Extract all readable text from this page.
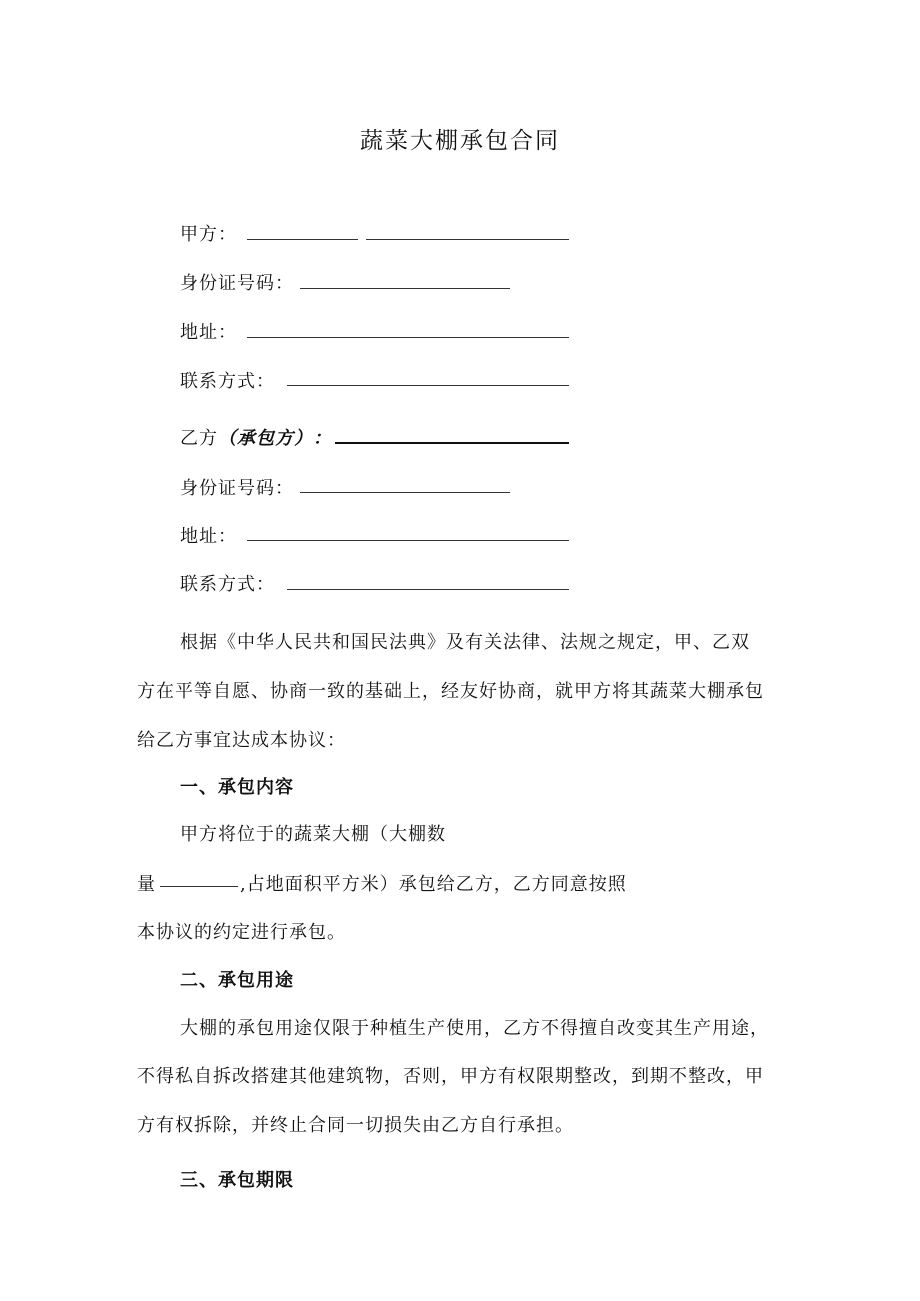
蔬菜大棚承包合同
甲方：
身份证号码：
地址：
联系方式：
乙方（承包方）：
身份证号码：
地址：
联系方式：
根据《中华人民共和国民法典》及有关法律、法规之规定，甲、乙双
方在平等自愿、协商一致的基础上，经友好协商，就甲方将其蔬菜大棚承包
给乙方事宜达成本协议：
一、承包内容
甲方将位于的蔬菜大棚（大棚数
量	,占地面积平方米）承包给乙方，乙方同意按照
本协议的约定进行承包。
二、承包用途
大棚的承包用途仅限于种植生产使用，乙方不得擅自改变其生产用途，
不得私自拆改搭建其他建筑物，否则，甲方有权限期整改，到期不整改，甲
方有权拆除，并终止合同一切损失由乙方自行承担。
三、承包期限
